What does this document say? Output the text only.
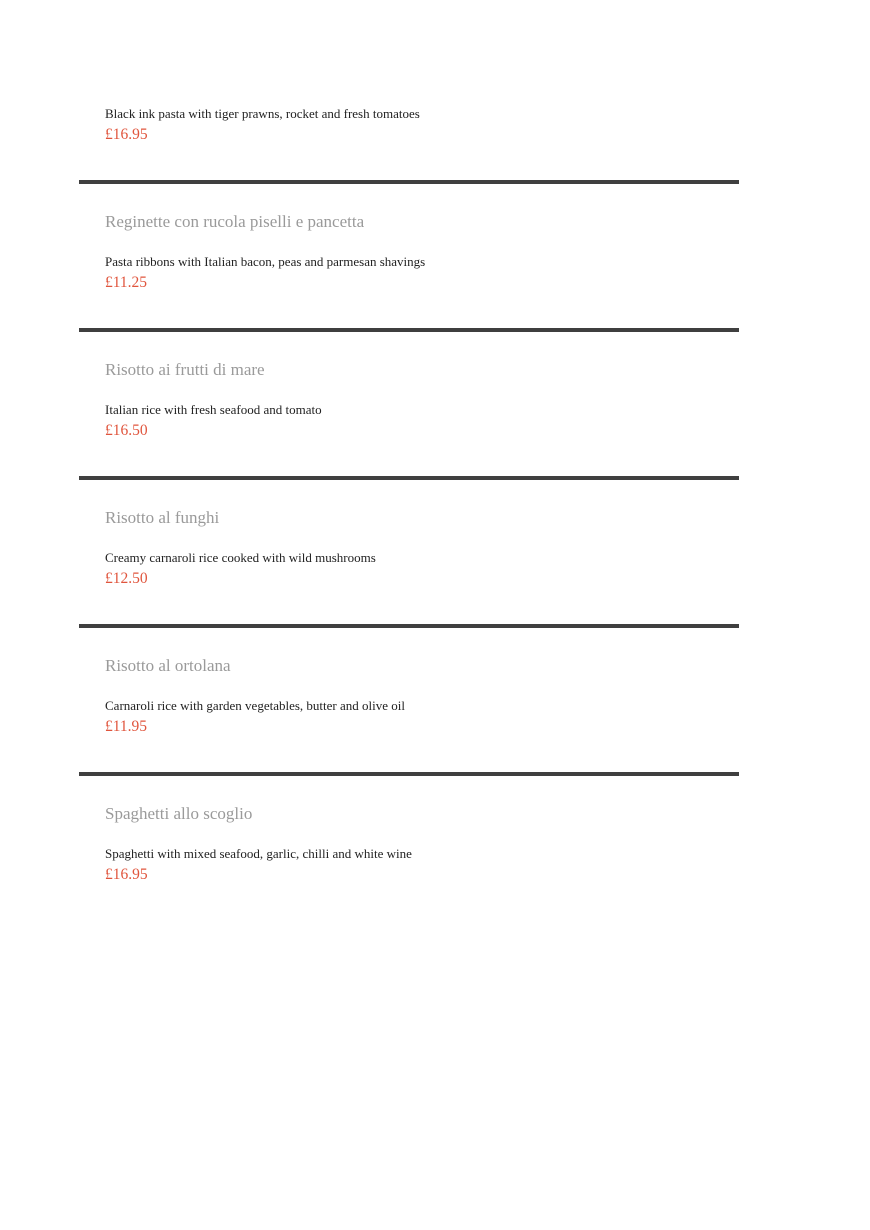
Black ink pasta with tiger prawns, rocket and fresh tomatoes
£16.95
Reginette con rucola piselli e pancetta
Pasta ribbons with Italian bacon, peas and parmesan shavings
£11.25
Risotto ai frutti di mare
Italian rice with fresh seafood and tomato
£16.50
Risotto al funghi
Creamy carnaroli rice cooked with wild mushrooms
£12.50
Risotto al ortolana
Carnaroli rice with garden vegetables, butter and olive oil
£11.95
Spaghetti allo scoglio
Spaghetti with mixed seafood, garlic, chilli and white wine
£16.95
